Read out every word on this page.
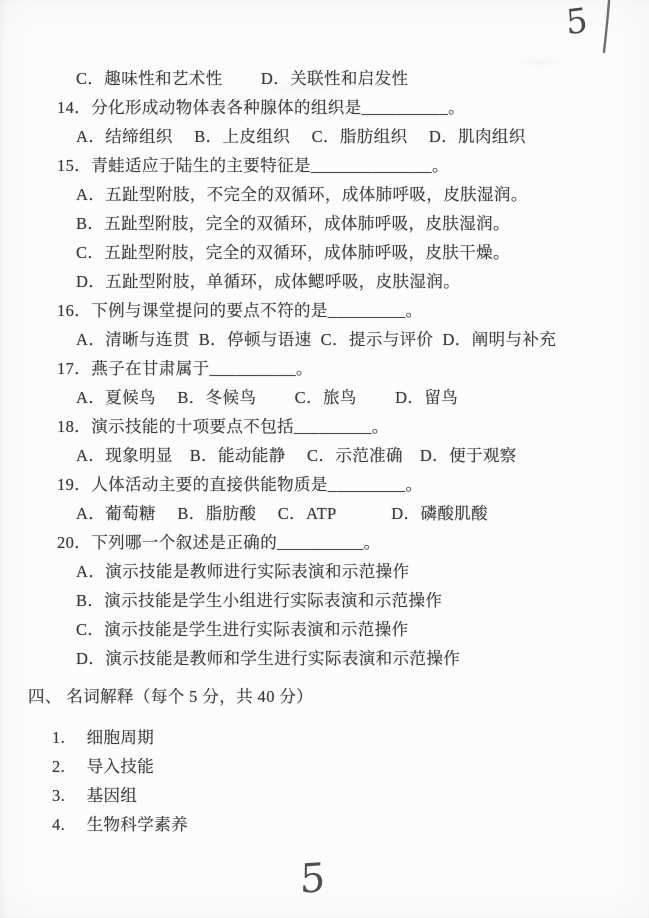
5
C．趣味性和艺术性　　 D．关联性和启发性
14．分化形成动物体表各种腺体的组织是__________。
A．结缔组织　 B．上皮组织　 C．脂肪组织　 D．肌肉组织
15．青蛙适应于陆生的主要特征是______________。
A．五趾型附肢，不完全的双循环，成体肺呼吸，皮肤湿润。
B．五趾型附肢，完全的双循环，成体肺呼吸，皮肤湿润。
C．五趾型附肢，完全的双循环，成体肺呼吸，皮肤干燥。
D．五趾型附肢，单循环，成体鳃呼吸，皮肤湿润。
16．下例与课堂提问的要点不符的是_________。
A．清晰与连贯  B．停顿与语速  C．提示与评价  D．阐明与补充
17．燕子在甘肃属于__________。
A．夏候鸟　 B．冬候鸟　　 C．旅鸟　　 D．留鸟
18．演示技能的十项要点不包括_________。
A．现象明显　B．能动能静　 C．示范准确　D．便于观察
19．人体活动主要的直接供能物质是_________。
A．葡萄糖　 B．脂肪酸　 C．ATP　　　 D．磷酸肌酸
20．下列哪一个叙述是正确的__________。
A．演示技能是教师进行实际表演和示范操作
B．演示技能是学生小组进行实际表演和示范操作
C．演示技能是学生进行实际表演和示范操作
D．演示技能是教师和学生进行实际表演和示范操作
四、 名词解释（每个 5 分，共 40 分）
1.　 细胞周期
2.　 导入技能
3.　 基因组
4.　 生物科学素养
5
